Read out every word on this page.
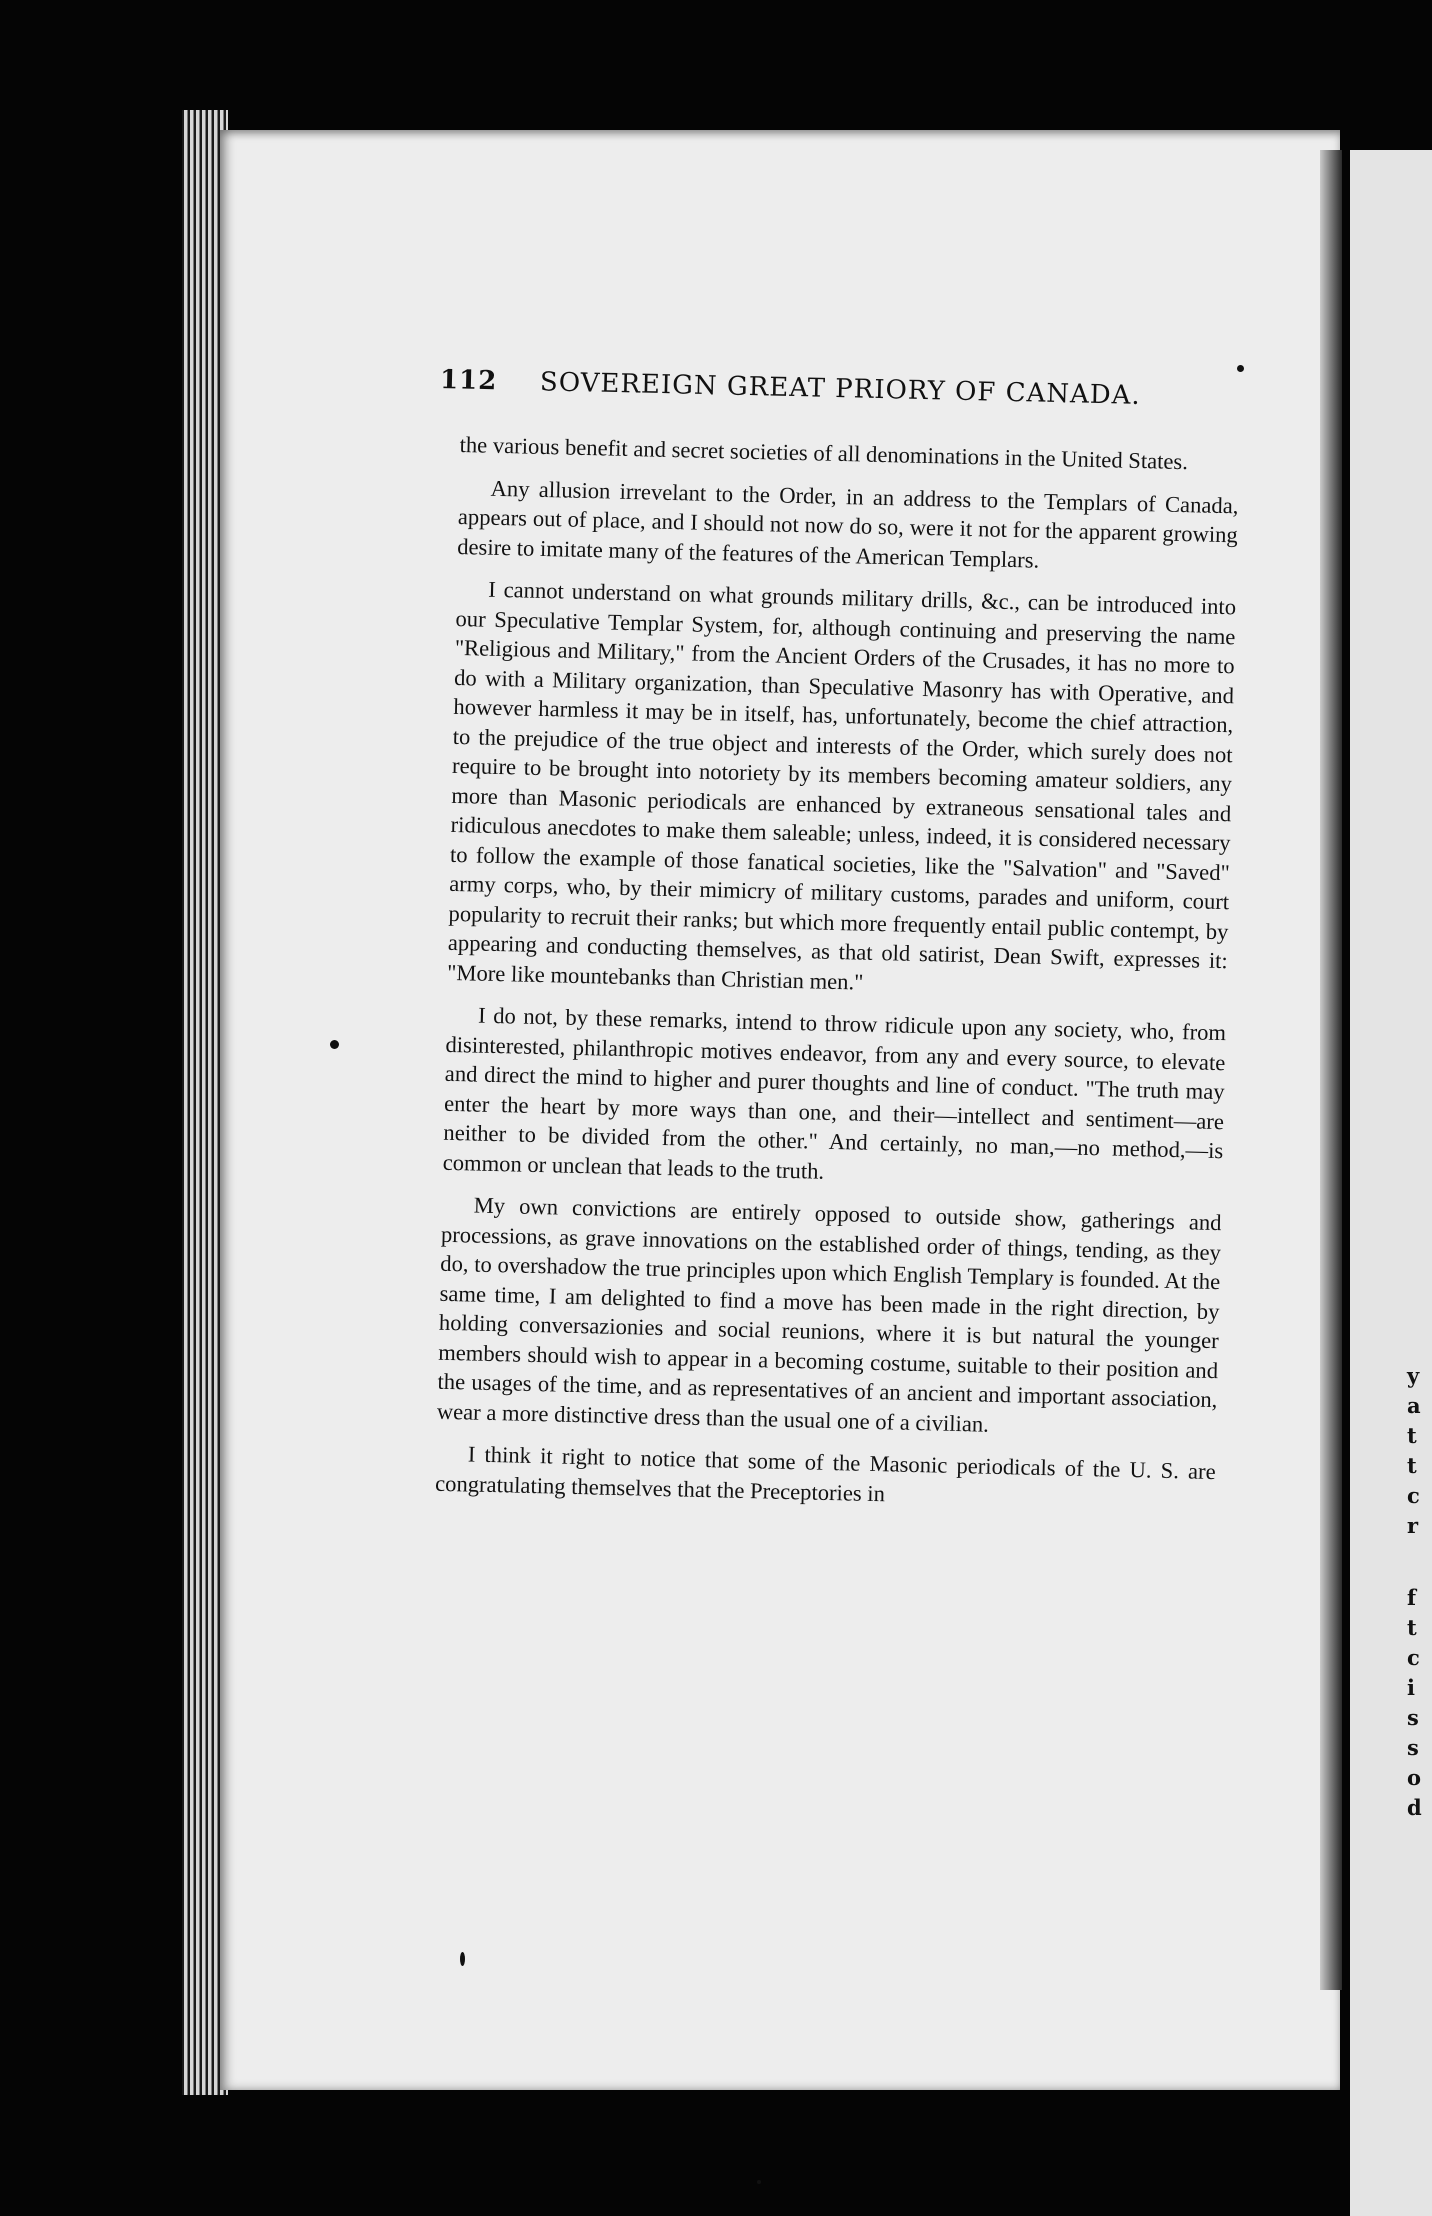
y
a
t
t
c
r
f
t
c
i
s
s
o
d
112 SOVEREIGN GREAT PRIORY OF CANADA.

the various benefit and secret societies of all denominations in the United States.

Any allusion irrevelant to the Order, in an address to the Templars of Canada, appears out of place, and I should not now do so, were it not for the apparent growing desire to imitate many of the features of the American Templars.

I cannot understand on what grounds military drills, &c., can be introduced into our Speculative Templar System, for, although continuing and preserving the name "Religious and Military," from the Ancient Orders of the Crusades, it has no more to do with a Military organization, than Speculative Masonry has with Operative, and however harmless it may be in itself, has, unfortunately, become the chief attraction, to the prejudice of the true object and interests of the Order, which surely does not require to be brought into notoriety by its members becoming amateur soldiers, any more than Masonic periodicals are enhanced by extraneous sensational tales and ridiculous anecdotes to make them saleable; unless, indeed, it is considered necessary to follow the example of those fanatical societies, like the "Salvation" and "Saved" army corps, who, by their mimicry of military customs, parades and uniform, court popularity to recruit their ranks; but which more frequently entail public contempt, by appearing and conducting themselves, as that old satirist, Dean Swift, expresses it: "More like mountebanks than Christian men."

I do not, by these remarks, intend to throw ridicule upon any society, who, from disinterested, philanthropic motives endeavor, from any and every source, to elevate and direct the mind to higher and purer thoughts and line of conduct. "The truth may enter the heart by more ways than one, and their—intellect and sentiment—are neither to be divided from the other." And certainly, no man,—no method,—is common or unclean that leads to the truth.

My own convictions are entirely opposed to outside show, gatherings and processions, as grave innovations on the established order of things, tending, as they do, to overshadow the true principles upon which English Templary is founded. At the same time, I am delighted to find a move has been made in the right direction, by holding conversazionies and social reunions, where it is but natural the younger members should wish to appear in a becoming costume, suitable to their position and the usages of the time, and as representatives of an ancient and important association, wear a more distinctive dress than the usual one of a civilian.

I think it right to notice that some of the Masonic periodicals of the U. S. are congratulating themselves that the Preceptories in
